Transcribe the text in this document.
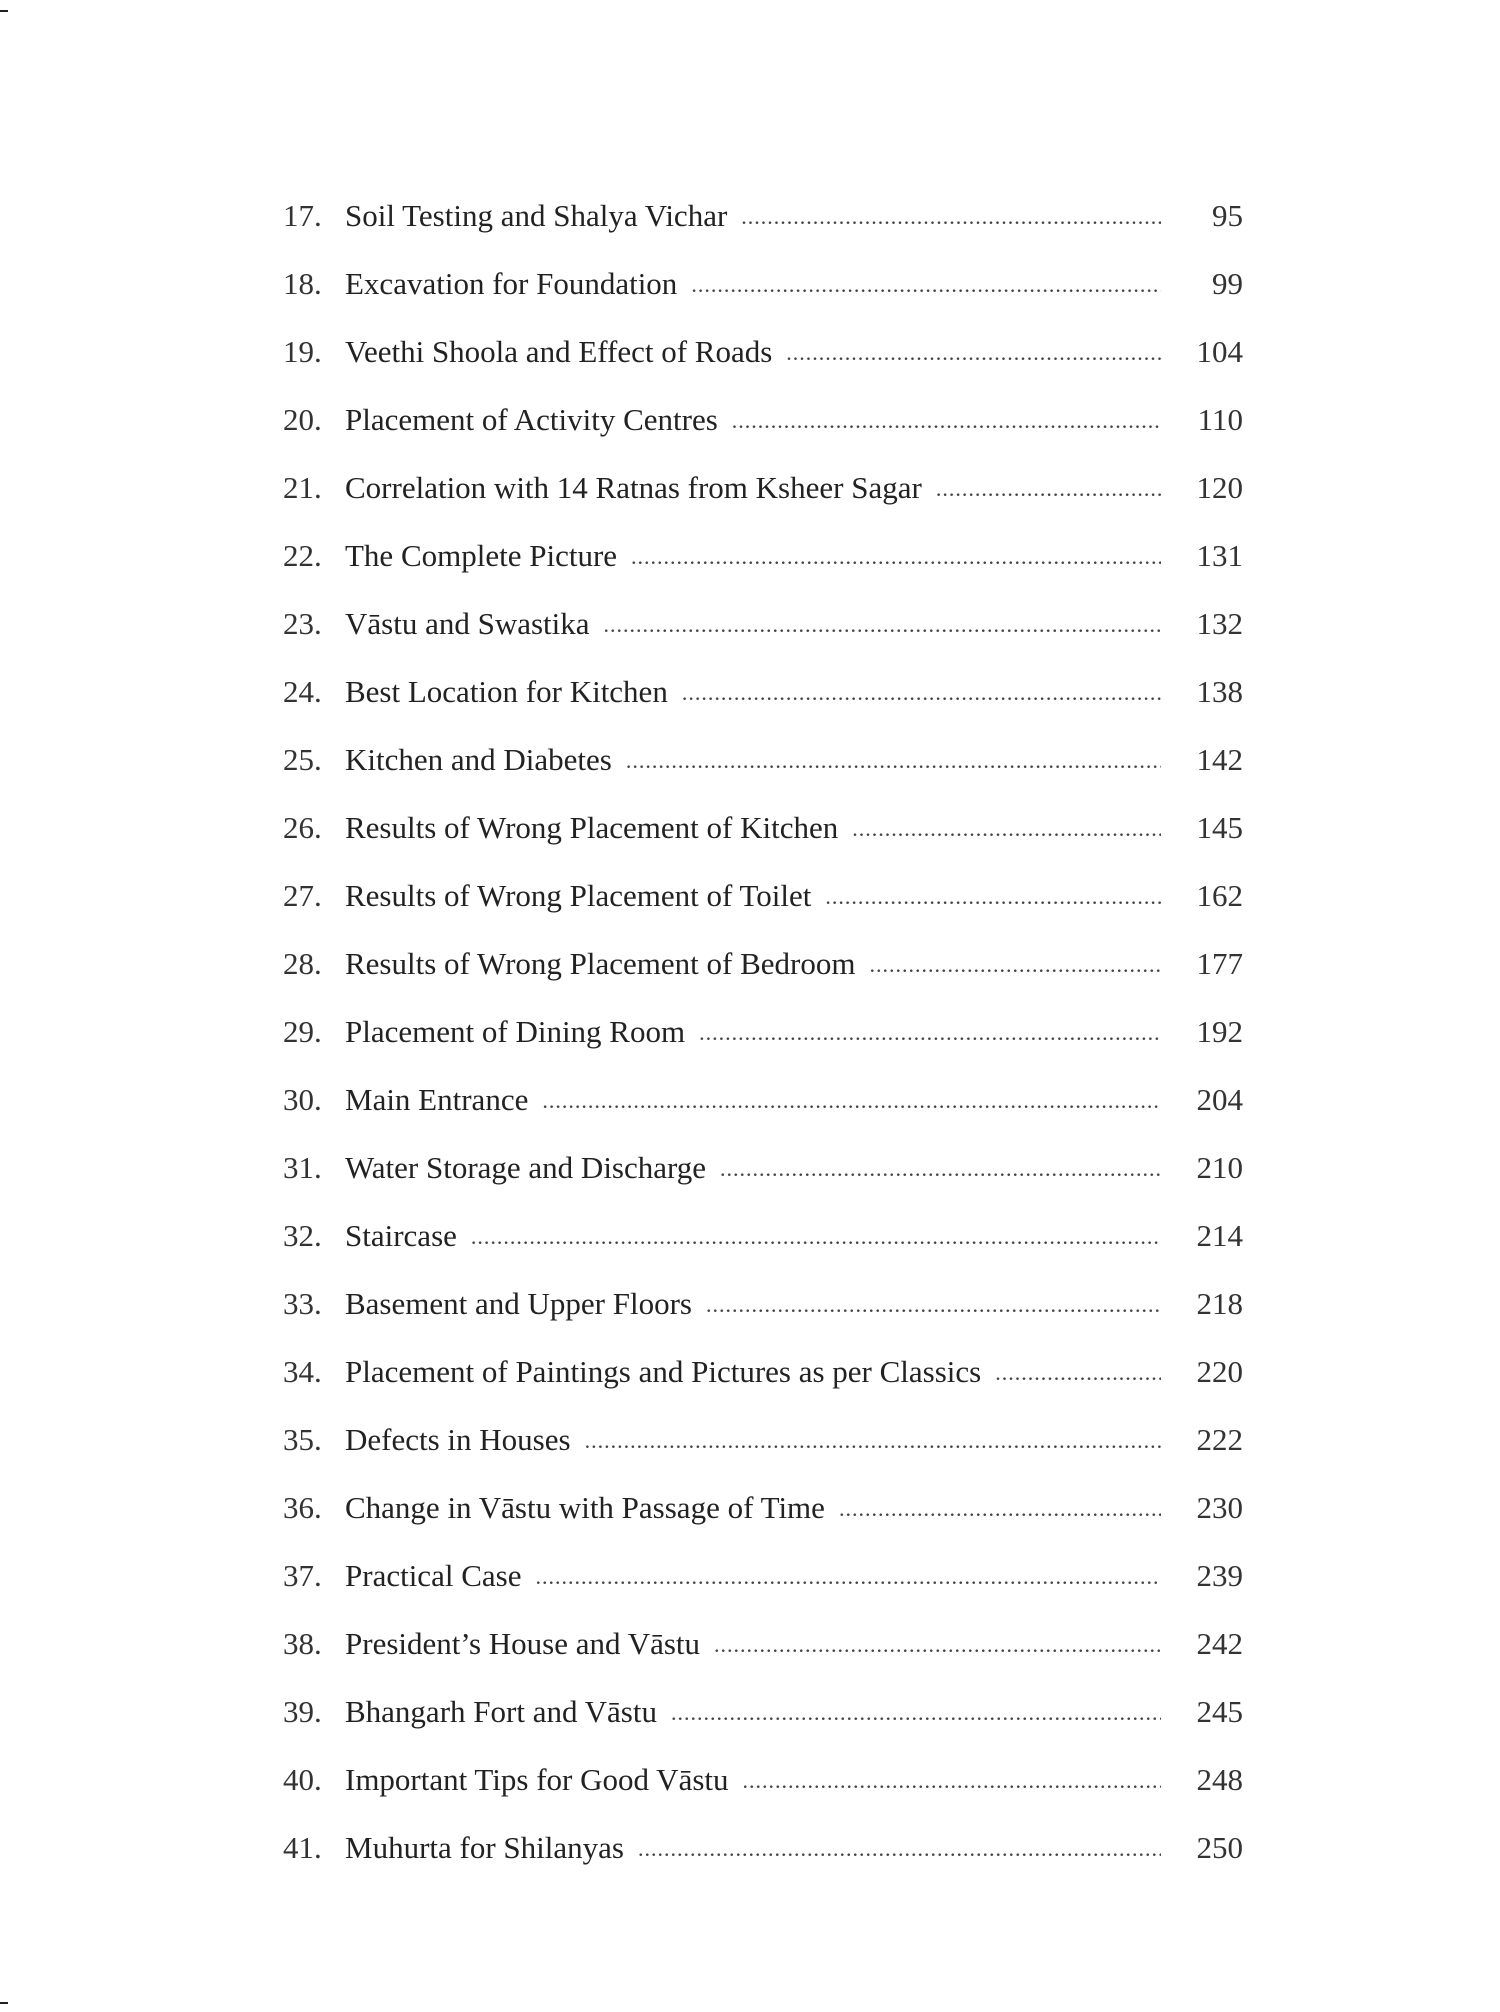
17. Soil Testing and Shalya Vichar .....	95
18. Excavation for Foundation .....	99
19. Veethi Shoola and Effect of Roads .....	104
20. Placement of Activity Centres .....	110
21. Correlation with 14 Ratnas from Ksheer Sagar .....	120
22. The Complete Picture .....	131
23. Vāstu and Swastika .....	132
24. Best Location for Kitchen .....	138
25. Kitchen and Diabetes .....	142
26. Results of Wrong Placement of Kitchen .....	145
27. Results of Wrong Placement of Toilet .....	162
28. Results of Wrong Placement of Bedroom .....	177
29. Placement of Dining Room .....	192
30. Main Entrance .....	204
31. Water Storage and Discharge .....	210
32. Staircase .....	214
33. Basement and Upper Floors .....	218
34. Placement of Paintings and Pictures as per Classics .....	220
35. Defects in Houses .....	222
36. Change in Vāstu with Passage of Time .....	230
37. Practical Case .....	239
38. President’s House and Vāstu .....	242
39. Bhangarh Fort and Vāstu .....	245
40. Important Tips for Good Vāstu .....	248
41. Muhurta for Shilanyas .....	250
